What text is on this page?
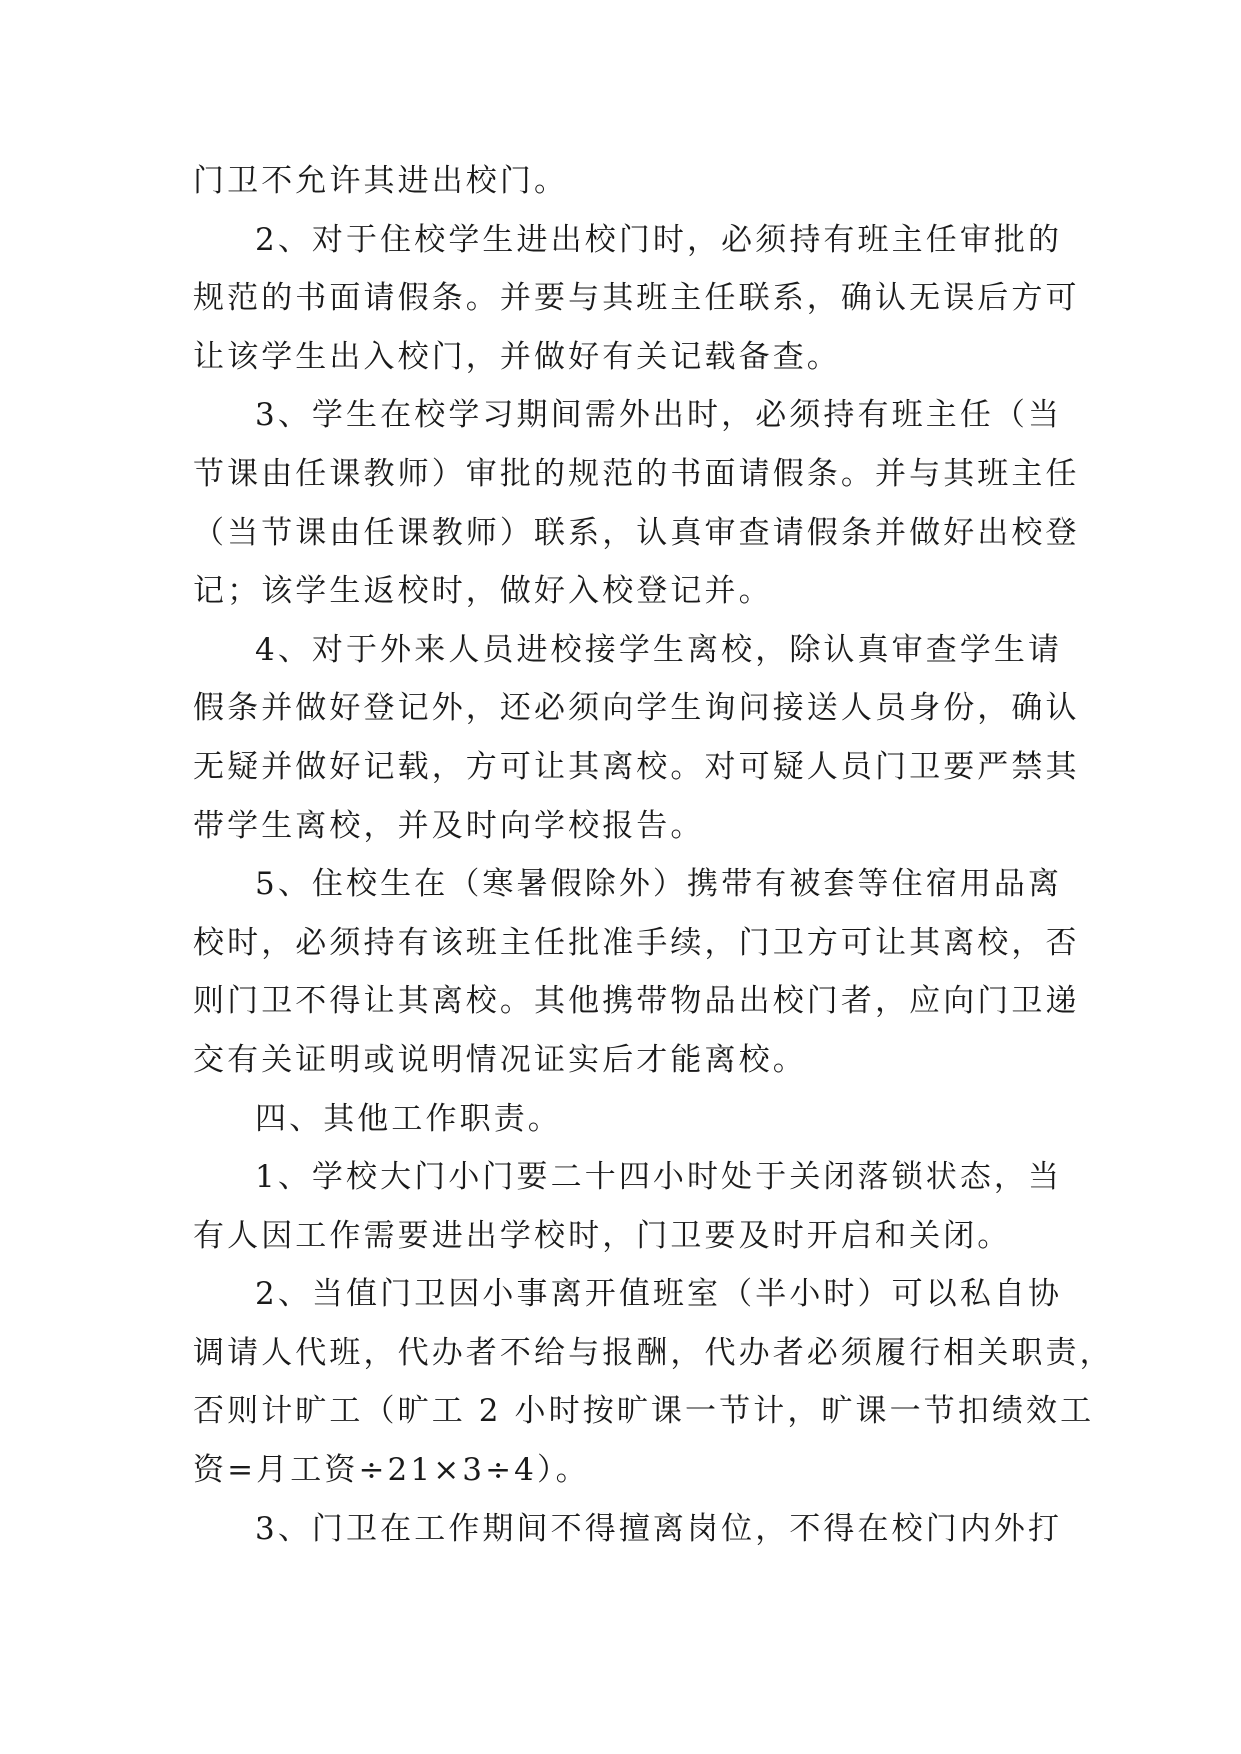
门卫不允许其进出校门。
2、对于住校学生进出校门时，必须持有班主任审批的
规范的书面请假条。并要与其班主任联系，确认无误后方可
让该学生出入校门，并做好有关记载备查。
3、学生在校学习期间需外出时，必须持有班主任（当
节课由任课教师）审批的规范的书面请假条。并与其班主任
（当节课由任课教师）联系，认真审查请假条并做好出校登
记；该学生返校时，做好入校登记并。
4、对于外来人员进校接学生离校，除认真审查学生请
假条并做好登记外，还必须向学生询问接送人员身份，确认
无疑并做好记载，方可让其离校。对可疑人员门卫要严禁其
带学生离校，并及时向学校报告。
5、住校生在（寒暑假除外）携带有被套等住宿用品离
校时，必须持有该班主任批准手续，门卫方可让其离校，否
则门卫不得让其离校。其他携带物品出校门者，应向门卫递
交有关证明或说明情况证实后才能离校。
四、其他工作职责。
1、学校大门小门要二十四小时处于关闭落锁状态，当
有人因工作需要进出学校时，门卫要及时开启和关闭。
2、当值门卫因小事离开值班室（半小时）可以私自协
调请人代班，代办者不给与报酬，代办者必须履行相关职责，
否则计旷工（旷工 2 小时按旷课一节计，旷课一节扣绩效工
资=月工资÷21×3÷4）。
3、门卫在工作期间不得擅离岗位，不得在校门内外打
